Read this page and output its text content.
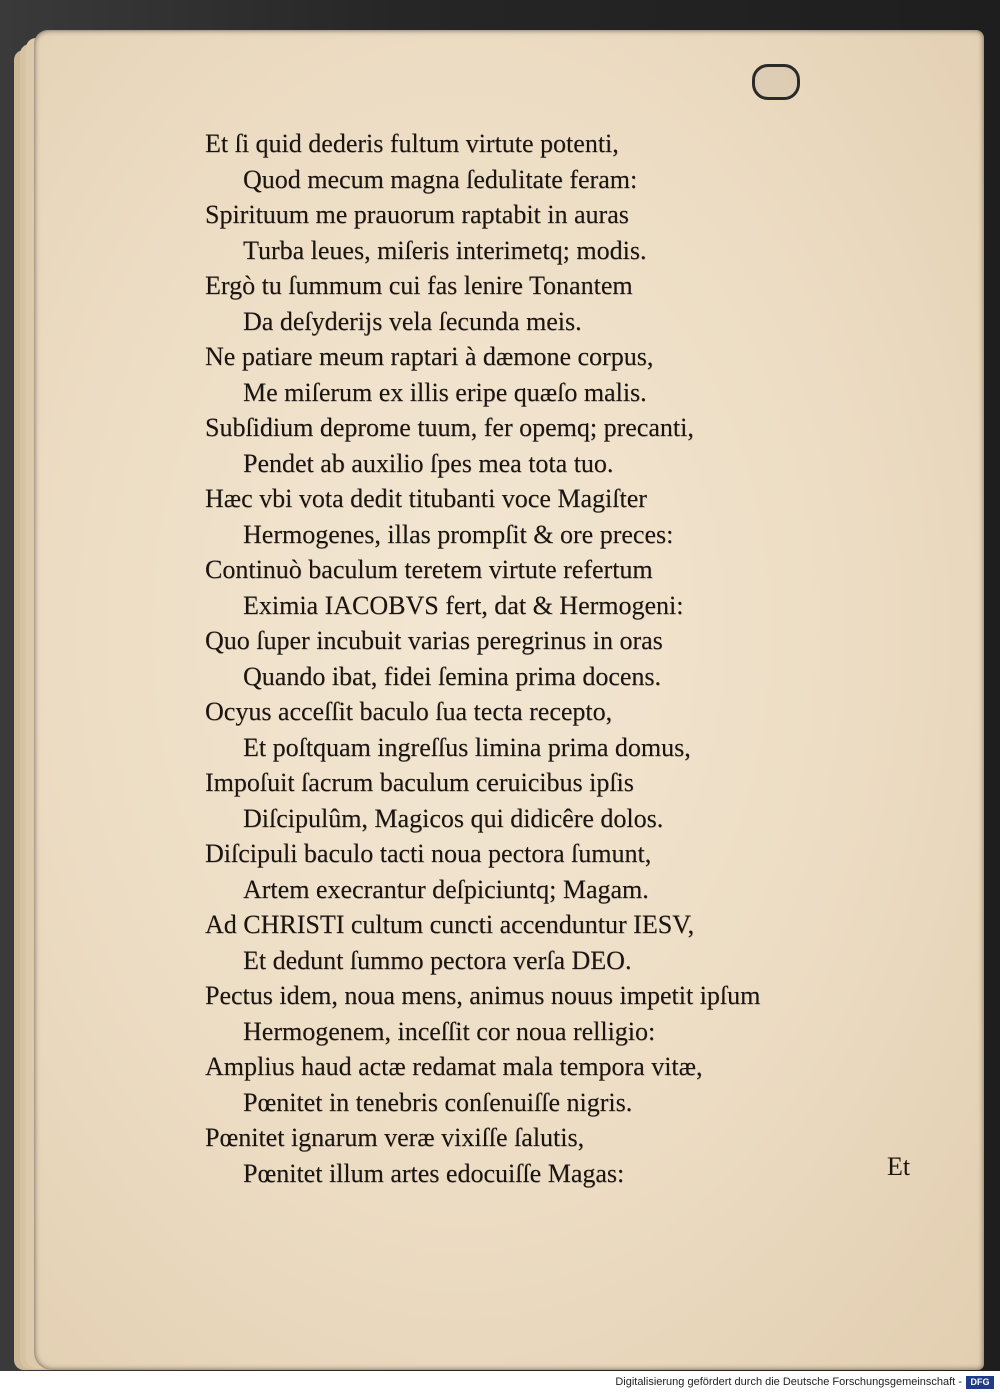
Et ſi quid dederis fultum virtute potenti,
Quod mecum magna ſedulitate feram:
Spirituum me prauorum raptabit in auras
Turba leues, miſeris interimetq; modis.
Ergò tu ſummum cui fas lenire Tonantem
Da deſyderijs vela ſecunda meis.
Ne patiare meum raptari à dæmone corpus,
Me miſerum ex illis eripe quæſo malis.
Subſidium deprome tuum, fer opemq; precanti,
Pendet ab auxilio ſpes mea tota tuo.
Hæc vbi vota dedit titubanti voce Magiſter
Hermogenes, illas prompſit & ore preces:
Continuò baculum teretem virtute refertum
Eximia IACOBVS fert, dat & Hermogeni:
Quo ſuper incubuit varias peregrinus in oras
Quando ibat, fidei ſemina prima docens.
Ocyus acceſſit baculo ſua tecta recepto,
Et poſtquam ingreſſus limina prima domus,
Impoſuit ſacrum baculum ceruicibus ipſis
Diſcipulûm, Magicos qui didicêre dolos.
Diſcipuli baculo tacti noua pectora ſumunt,
Artem execrantur deſpiciuntq; Magam.
Ad CHRISTI cultum cuncti accenduntur IESV,
Et dedunt ſummo pectora verſa DEO.
Pectus idem, noua mens, animus nouus impetit ipſum
Hermogenem, inceſſit cor noua relligio:
Amplius haud actæ redamat mala tempora vitæ,
Pœnitet in tenebris conſenuiſſe nigris.
Pœnitet ignarum veræ vixiſſe ſalutis,
Pœnitet illum artes edocuiſſe Magas:	Et
Digitalisierung gefördert durch die Deutsche Forschungsgemeinschaft - DFG
